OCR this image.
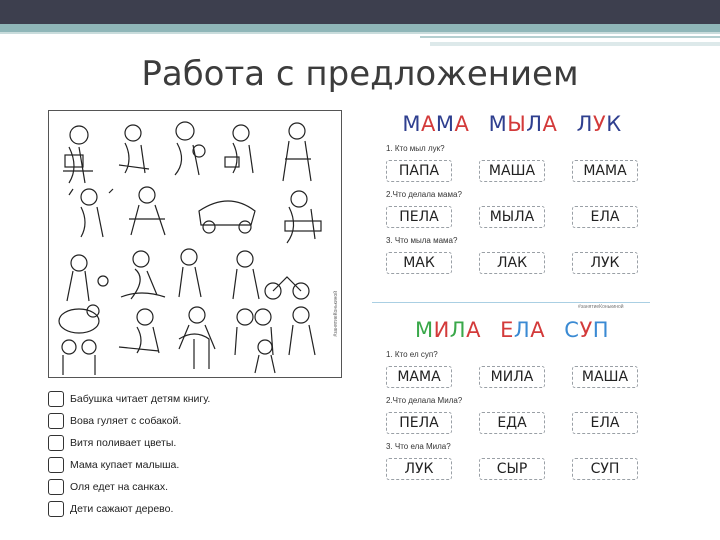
Работа с предложением
#занятиеКонькиной
Бабушка читает детям книгу.
Вова гуляет с собакой.
Витя поливает цветы.
Мама купает малыша.
Оля едет на санках.
Дети сажают дерево.
МАМА МЫЛА ЛУК
1. Кто мыл лук?
ПАПА	МАША	МАМА
2.Что делала мама?
ПЕЛА	МЫЛА	ЕЛА
3. Что мыла мама?
МАК	ЛАК	ЛУК
#занятиеКонькиной
МИЛА ЕЛА СУП
1. Кто ел суп?
МАМА	МИЛА	МАША
2.Что делала Мила?
ПЕЛА	ЕДА	ЕЛА
3. Что ела Мила?
ЛУК	СЫР	СУП
